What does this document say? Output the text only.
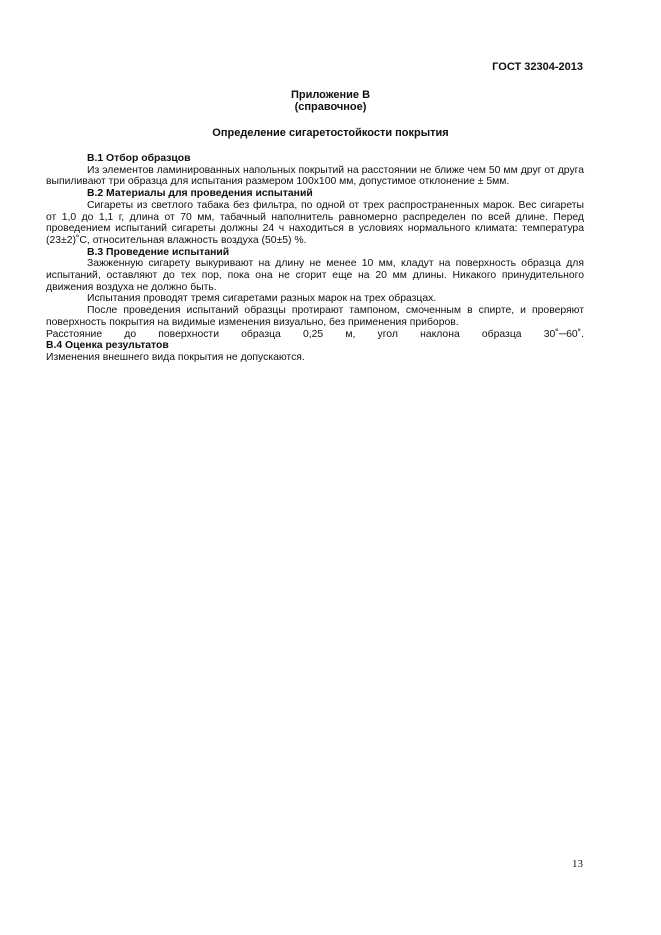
ГОСТ 32304-2013
Приложение В
(справочное)
Определение сигаретостойкости покрытия

В.1 Отбор образцов

Из элементов ламинированных напольных покрытий на расстоянии не ближе чем 50 мм друг от друга выпиливают три образца для испытания размером 100х100 мм, допустимое отклонение ± 5мм.

В.2 Материалы для проведения испытаний

Сигареты из светлого табака без фильтра, по одной от трех распространенных марок. Вес сигареты от 1,0 до 1,1 г, длина от 70 мм, табачный наполнитель равномерно распределен по всей длине. Перед проведением испытаний сигареты должны 24 ч находиться в условиях нормального климата: температура (23±2)˚С, относительная влажность воздуха (50±5) %.

В.3 Проведение испытаний

Зажженную сигарету выкуривают на длину не менее 10 мм, кладут на поверхность образца для испытаний, оставляют до тех пор, пока она не сгорит еще на 20 мм длины. Никакого принудительного движения воздуха не должно быть.

Испытания проводят тремя сигаретами разных марок на трех образцах.

После проведения испытаний образцы протирают тампоном, смоченным в спирте, и проверяют поверхность покрытия на видимые изменения визуально, без применения приборов.

Расстояние до поверхности образца 0,25 м, угол наклона образца 30˚─60˚.

В.4 Оценка результатов

Изменения внешнего вида покрытия не допускаются.

13
